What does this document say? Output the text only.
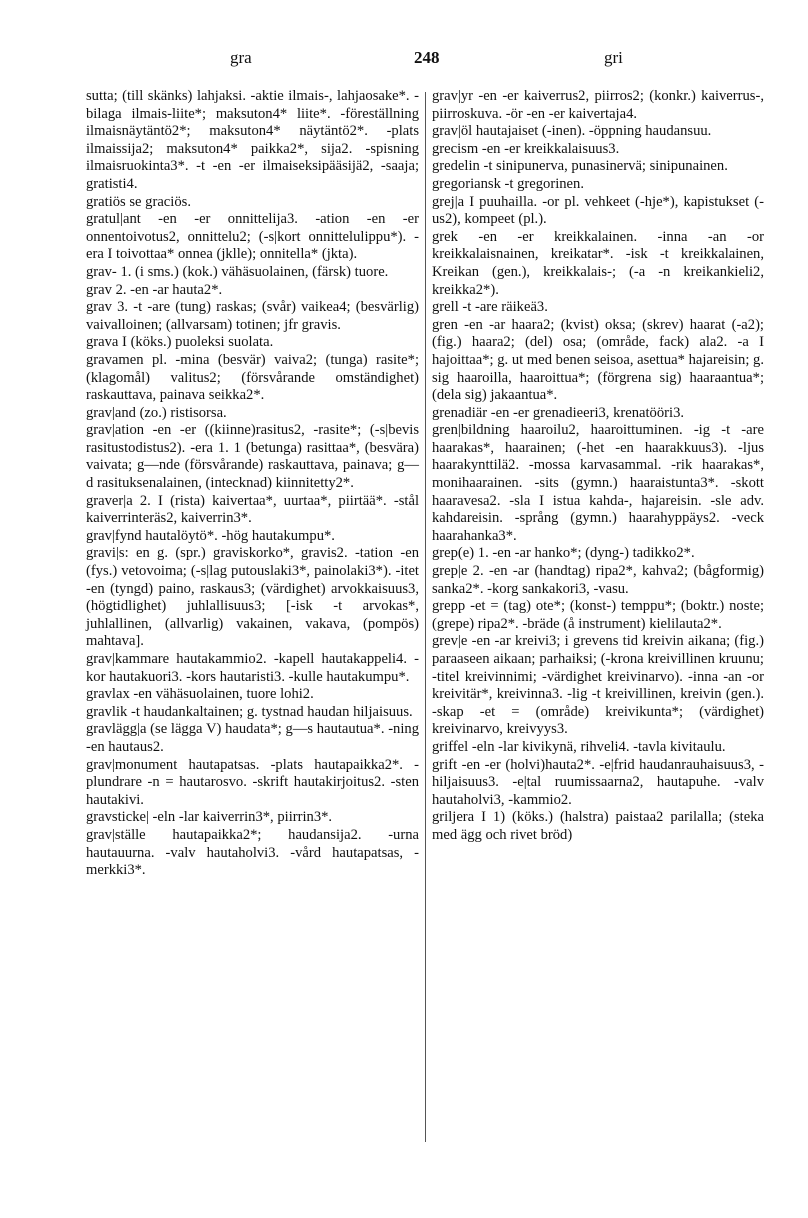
gra	248	gri

sutta; (till skänks) lahjaksi. -aktie ilmais-, lahjaosake*. -bilaga ilmais-liite*; maksuton4* liite*. -föreställning ilmaisnäytäntö2*; maksuton4* näytäntö2*. -plats ilmaissija2; maksuton4* paikka2*, sija2. -spisning ilmaisruokinta3*. -t -en -er ilmaiseksipääsijä2, -saaja; gratisti4.

gratiös se graciös.

gratul|ant -en -er onnittelija3. -ation -en -er onnentoivotus2, onnittelu2; (-s|kort onnittelulippu*). -era I toivottaa* onnea (jklle); onnitella* (jkta).

grav- 1. (i sms.) (kok.) vähäsuolainen, (färsk) tuore.

grav 2. -en -ar hauta2*.

grav 3. -t -are (tung) raskas; (svår) vaikea4; (besvärlig) vaivalloinen; (allvarsam) totinen; jfr gravis.

grava I (köks.) puoleksi suolata.

gravamen pl. -mina (besvär) vaiva2; (tunga) rasite*; (klagomål) valitus2; (försvårande omständighet) raskauttava, painava seikka2*.

grav|and (zo.) ristisorsa.

grav|ation -en -er ((kiinne)rasitus2, -rasite*; (-s|bevis rasitustodistus2). -era 1. 1 (betunga) rasittaa*, (besvära) vaivata; g—nde (försvårande) raskauttava, painava; g—d rasituksenalainen, (intecknad) kiinnitetty2*.

graver|a 2. I (rista) kaivertaa*, uurtaa*, piirtää*. -stål kaiverrinteräs2, kaiverrin3*.

grav|fynd hautalöytö*. -hög hautakumpu*.

gravi|s: en g. (spr.) graviskorko*, gravis2. -tation -en (fys.) vetovoima; (-s|lag putouslaki3*, painolaki3*). -itet -en (tyngd) paino, raskaus3; (värdighet) arvokkaisuus3, (högtidlighet) juhlallisuus3; [-isk -t arvokas*, juhlallinen, (allvarlig) vakainen, vakava, (pompös) mahtava].

grav|kammare hautakammio2. -kapell hautakappeli4. -kor hautakuori3. -kors hautaristi3. -kulle hautakumpu*.

gravlax -en vähäsuolainen, tuore lohi2.

gravlik -t haudankaltainen; g. tystnad haudan hiljaisuus.

gravlägg|a (se lägga V) haudata*; g—s hautautua*. -ning -en hautaus2.

grav|monument hautapatsas. -plats hautapaikka2*. -plundrare -n = hautarosvo. -skrift hautakirjoitus2. -sten hautakivi.

gravsticke| -eln -lar kaiverrin3*, piirrin3*.

grav|ställe hautapaikka2*; haudansija2. -urna hautauurna. -valv hautaholvi3. -vård hautapatsas, -merkki3*.

grav|yr -en -er kaiverrus2, piirros2; (konkr.) kaiverrus-, piirroskuva. -ör -en -er kaivertaja4.

grav|öl hautajaiset (-inen). -öppning haudansuu.

grecism -en -er kreikkalaisuus3.

gredelin -t sinipunerva, punasinervä; sinipunainen.

gregoriansk -t gregorinen.

grej|a I puuhailla. -or pl. vehkeet (-hje*), kapistukset (-us2), kompeet (pl.).

grek -en -er kreikkalainen. -inna -an -or kreikkalaisnainen, kreikatar*. -isk -t kreikkalainen, Kreikan (gen.), kreikkalais-; (-a -n kreikankieli2, kreikka2*).

grell -t -are räikeä3.

gren -en -ar haara2; (kvist) oksa; (skrev) haarat (-a2); (fig.) haara2; (del) osa; (område, fack) ala2. -a I hajoittaa*; g. ut med benen seisoa, asettua* hajareisin; g. sig haaroilla, haaroittua*; (förgrena sig) haaraantua*; (dela sig) jakaantua*.

grenadiär -en -er grenadieeri3, krenatööri3.

gren|bildning haaroilu2, haaroittuminen. -ig -t -are haarakas*, haarainen; (-het -en haarakkuus3). -ljus haarakynttilä2. -mossa karvasammal. -rik haarakas*, monihaarainen. -sits (gymn.) haaraistunta3*. -skott haaravesa2. -sla I istua kahda-, hajareisin. -sle adv. kahdareisin. -språng (gymn.) haarahyppäys2. -veck haarahanka3*.

grep(e) 1. -en -ar hanko*; (dyng-) tadikko2*.

grep|e 2. -en -ar (handtag) ripa2*, kahva2; (bågformig) sanka2*. -korg sankakori3, -vasu.

grepp -et = (tag) ote*; (konst-) temppu*; (boktr.) noste; (grepe) ripa2*. -bräde (å instrument) kielilauta2*.

grev|e -en -ar kreivi3; i grevens tid kreivin aikana; (fig.) paraaseen aikaan; parhaiksi; (-krona kreivillinen kruunu; -titel kreivinnimi; -värdighet kreivinarvo). -inna -an -or kreivitär*, kreivinna3. -lig -t kreivillinen, kreivin (gen.). -skap -et = (område) kreivikunta*; (värdighet) kreivinarvo, kreivyys3.

griffel -eln -lar kivikynä, rihveli4. -tavla kivitaulu.

grift -en -er (holvi)hauta2*. -e|frid haudanrauhaisuus3, -hiljaisuus3. -e|tal ruumissaarna2, hautapuhe. -valv hautaholvi3, -kammio2.

griljera I 1) (köks.) (halstra) paistaa2 parilalla; (steka med ägg och rivet bröd)
